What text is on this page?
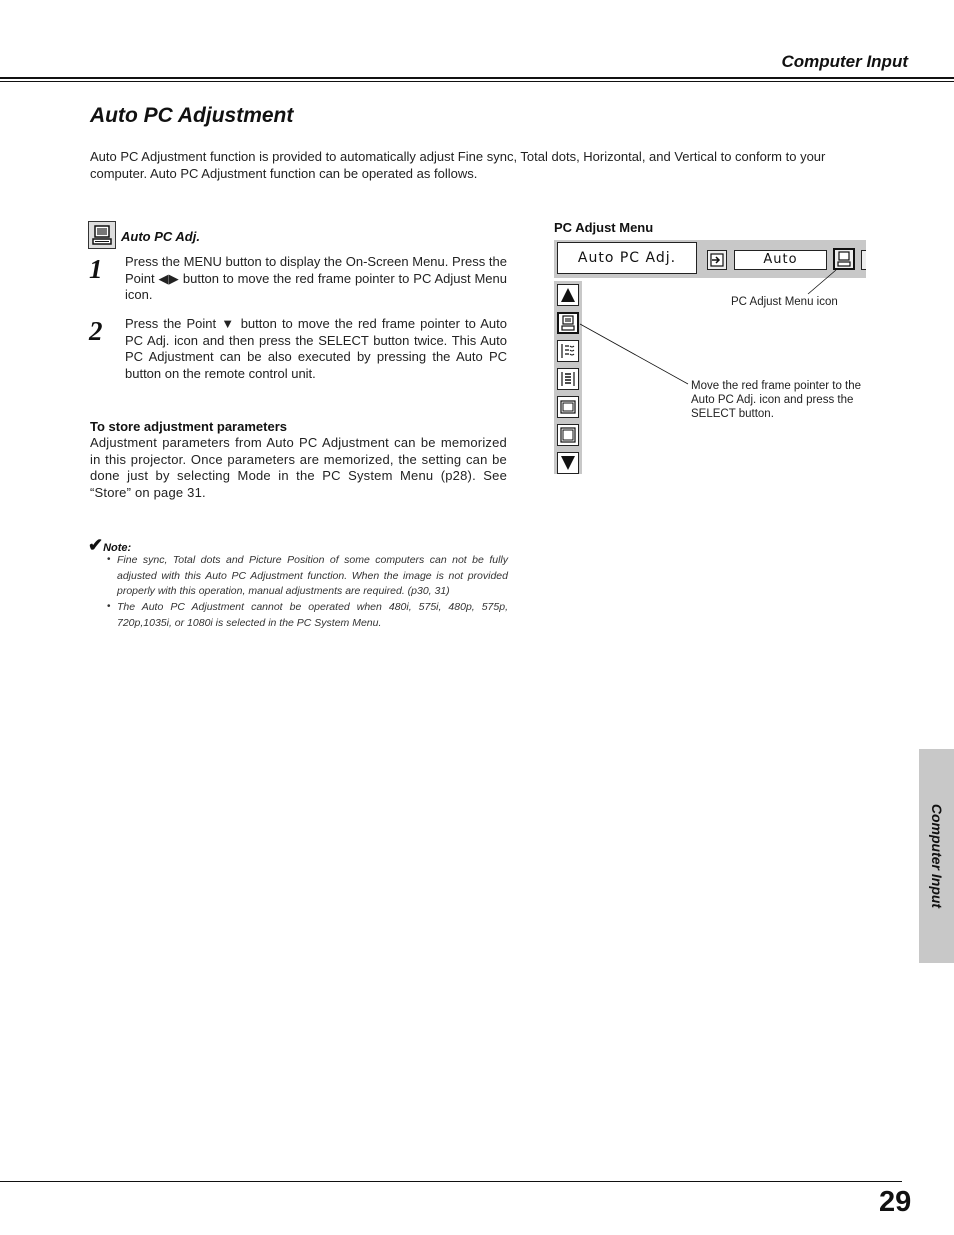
Computer Input
Auto PC Adjustment
Auto PC Adjustment function is provided to automatically adjust Fine sync, Total dots, Horizontal, and Vertical to conform to your computer. Auto PC Adjustment function can be operated as follows.
Auto PC Adj.
1 Press the MENU button to display the On-Screen Menu. Press the Point ◀▶ button to move the red frame pointer to PC Adjust Menu icon.
2 Press the Point ▼ button to move the red frame pointer to Auto PC Adj. icon and then press the SELECT button twice. This Auto PC Adjustment can be also executed by pressing the Auto PC button on the remote control unit.
To store adjustment parameters
Adjustment parameters from Auto PC Adjustment can be memorized in this projector. Once parameters are memorized, the setting can be done just by selecting Mode in the PC System Menu (p28). See “Store” on page 31.
✔Note:
• Fine sync, Total dots and Picture Position of some computers can not be fully adjusted with this Auto PC Adjustment function. When the image is not provided properly with this operation, manual adjustments are required. (p30, 31)
• The Auto PC Adjustment cannot be operated when 480i, 575i, 480p, 575p, 720p,1035i, or 1080i is selected in the PC System Menu.
PC Adjust Menu
Auto PC Adj.	Auto
PC Adjust Menu icon
Move the red frame pointer to the Auto PC Adj. icon and press the SELECT button.
Computer Input
29
